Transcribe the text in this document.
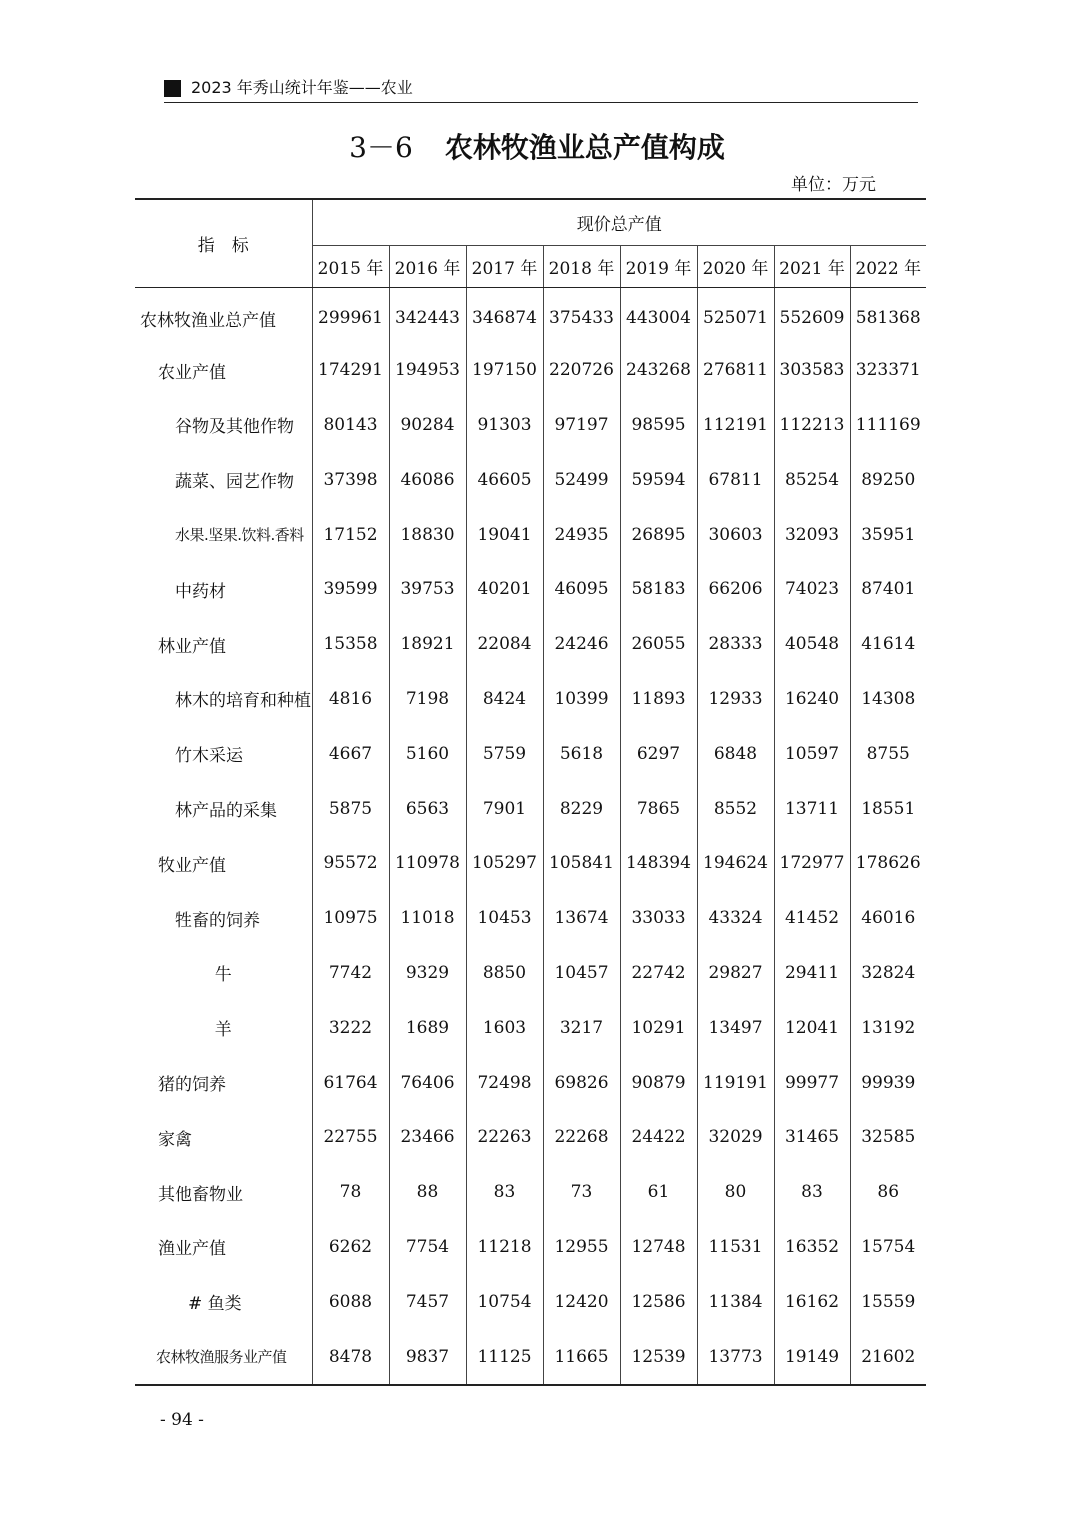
2023 年秀山统计年鉴——农业
3－6 农林牧渔业总产值构成
单位：万元
指　标	现价总产值							
	2015 年	2016 年	2017 年	2018 年	2019 年	2020 年	2021 年	2022 年
农林牧渔业总产值	299961	342443	346874	375433	443004	525071	552609	581368
农业产值	174291	194953	197150	220726	243268	276811	303583	323371
谷物及其他作物	80143	90284	91303	97197	98595	112191	112213	111169
蔬菜、园艺作物	37398	46086	46605	52499	59594	67811	85254	89250
水果.坚果.饮料.香料	17152	18830	19041	24935	26895	30603	32093	35951
中药材	39599	39753	40201	46095	58183	66206	74023	87401
林业产值	15358	18921	22084	24246	26055	28333	40548	41614
林木的培育和种植	4816	7198	8424	10399	11893	12933	16240	14308
竹木采运	4667	5160	5759	5618	6297	6848	10597	8755
林产品的采集	5875	6563	7901	8229	7865	8552	13711	18551
牧业产值	95572	110978	105297	105841	148394	194624	172977	178626
牲畜的饲养	10975	11018	10453	13674	33033	43324	41452	46016
牛	7742	9329	8850	10457	22742	29827	29411	32824
羊	3222	1689	1603	3217	10291	13497	12041	13192
猪的饲养	61764	76406	72498	69826	90879	119191	99977	99939
家禽	22755	23466	22263	22268	24422	32029	31465	32585
其他畜物业	78	88	83	73	61	80	83	86
渔业产值	6262	7754	11218	12955	12748	11531	16352	15754
# 鱼类	6088	7457	10754	12420	12586	11384	16162	15559
农林牧渔服务业产值	8478	9837	11125	11665	12539	13773	19149	21602
- 94 -
